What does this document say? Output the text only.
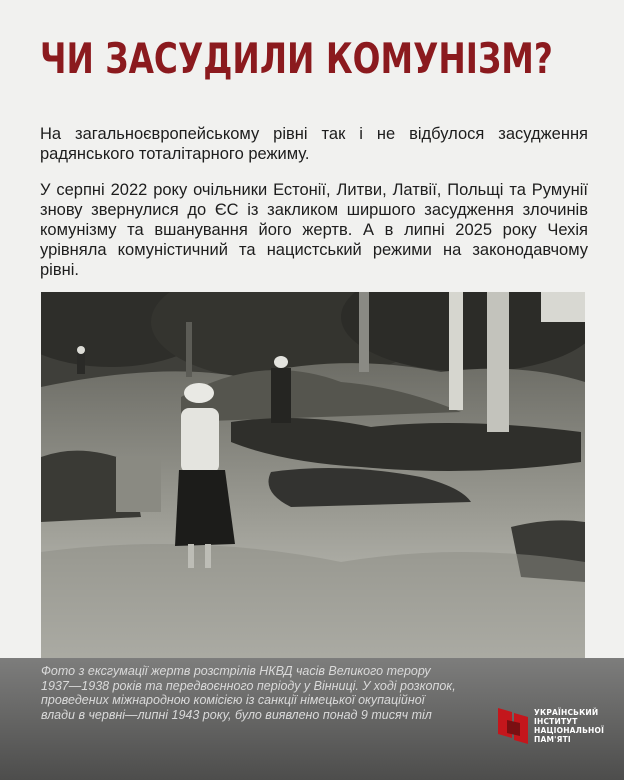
ЧИ ЗАСУДИЛИ КОМУНІЗМ?

На загальноєвропейському рівні так і не відбулося засудження радянського тоталітарного режиму.

У серпні 2022 року очільники Естонії, Литви, Латвії, Польщі та Румунії знову звернулися до ЄС із закликом ширшого засудження злочинів комунізму та вшанування його жертв. А в липні 2025 року Чехія урівняла комуністичний та нацистський режими на законодавчому рівні.

Фото з ексгумації жертв розстрілів НКВД часів Великого терору 1937—1938 років та передвоєнного періоду у Вінниці. У ході розкопок, проведених міжнародною комісією із санкції німецької окупаційної влади в червні—липні 1943 року, було виявлено понад 9 тисяч тіл	УКРАЇНСЬКИЙ
ІНСТИТУТ
НАЦІОНАЛЬНОЇ
ПАМ'ЯТІ
